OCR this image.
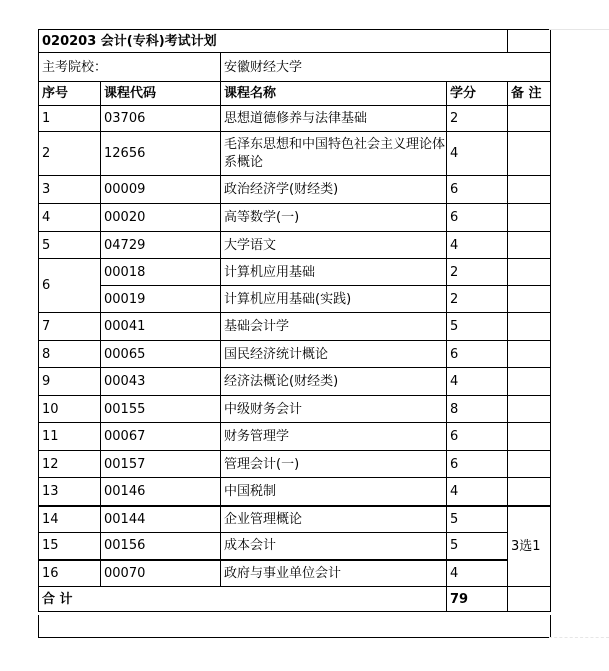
020203 会计(专科)考试计划				
主考院校：		安徽财经大学		
序号	课程代码	课程名称	学分	备 注
1	03706	思想道德修养与法律基础	2	
2	12656	毛泽东思想和中国特色社会主义理论体系概论	4	
3	00009	政治经济学(财经类)	6	
4	00020	高等数学(一)	6	
5	04729	大学语文	4	
6	00018	计算机应用基础	2	
	00019	计算机应用基础(实践)	2	
7	00041	基础会计学	5	
8	00065	国民经济统计概论	6	
9	00043	经济法概论(财经类)	4	
10	00155	中级财务会计	8	
11	00067	财务管理学	6	
12	00157	管理会计(一)	6	
13	00146	中国税制	4	
14	00144	企业管理概论	5	3选1
15	00156	成本会计	5	
16	00070	政府与事业单位会计	4	
合 计			79	
